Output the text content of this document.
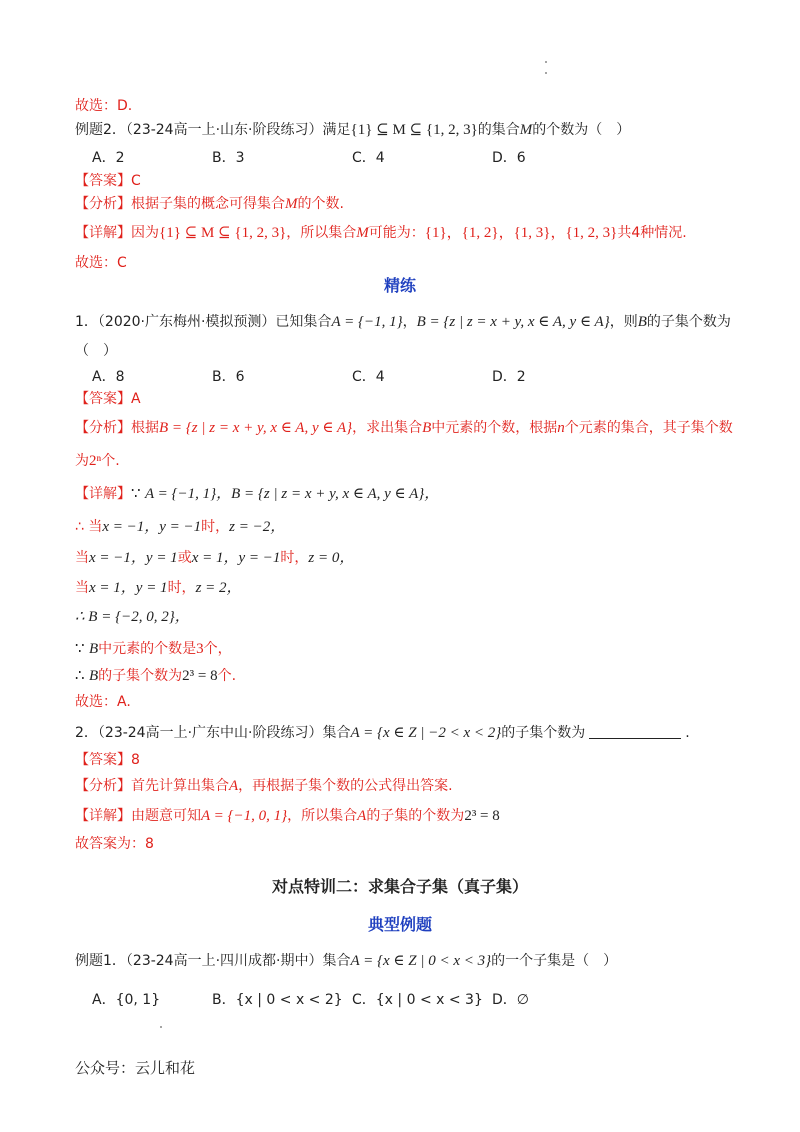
故选：D.
例题2．（23-24高一上·山东·阶段练习）满足{1} ⊆ M ⊆ {1, 2, 3}的集合M的个数为（　）
A．2	B．3	C．4	D．6
【答案】C
【分析】根据子集的概念可得集合M的个数.
【详解】因为{1} ⊆ M ⊆ {1, 2, 3}，所以集合M可能为：{1}，{1, 2}，{1, 3}，{1, 2, 3}共4种情况.
故选：C
精练
1．（2020·广东梅州·模拟预测）已知集合A = {−1, 1}，B = {z | z = x + y, x ∈ A, y ∈ A}，则B的子集个数为
（　）
A．8	B．6	C．4	D．2
【答案】A
【分析】根据B = {z | z = x + y, x ∈ A, y ∈ A}，求出集合B中元素的个数，根据n个元素的集合，其子集个数
为2ⁿ个.
【详解】∵ A = {−1, 1}，B = {z | z = x + y, x ∈ A, y ∈ A}，
∴ 当x = −1，y = −1时，z = −2，
当x = −1，y = 1或x = 1，y = −1时，z = 0，
当x = 1，y = 1时，z = 2，
∴ B = {−2, 0, 2}，
∵ B中元素的个数是3个，
∴ B的子集个数为2³ = 8个.
故选：A.
2．（23-24高一上·广东中山·阶段练习）集合A = {x ∈ Z | −2 < x < 2}的子集个数为	.
【答案】8
【分析】首先计算出集合A，再根据子集个数的公式得出答案.
【详解】由题意可知A = {−1, 0, 1}，所以集合A的子集的个数为2³ = 8
故答案为：8
对点特训二：求集合子集（真子集）
典型例题
例题1．（23-24高一上·四川成都·期中）集合A = {x ∈ Z | 0 < x < 3}的一个子集是（　）
A．{0, 1}	B．{x | 0 < x < 2} C．{x | 0 < x < 3} D．∅
公众号：云儿和花
